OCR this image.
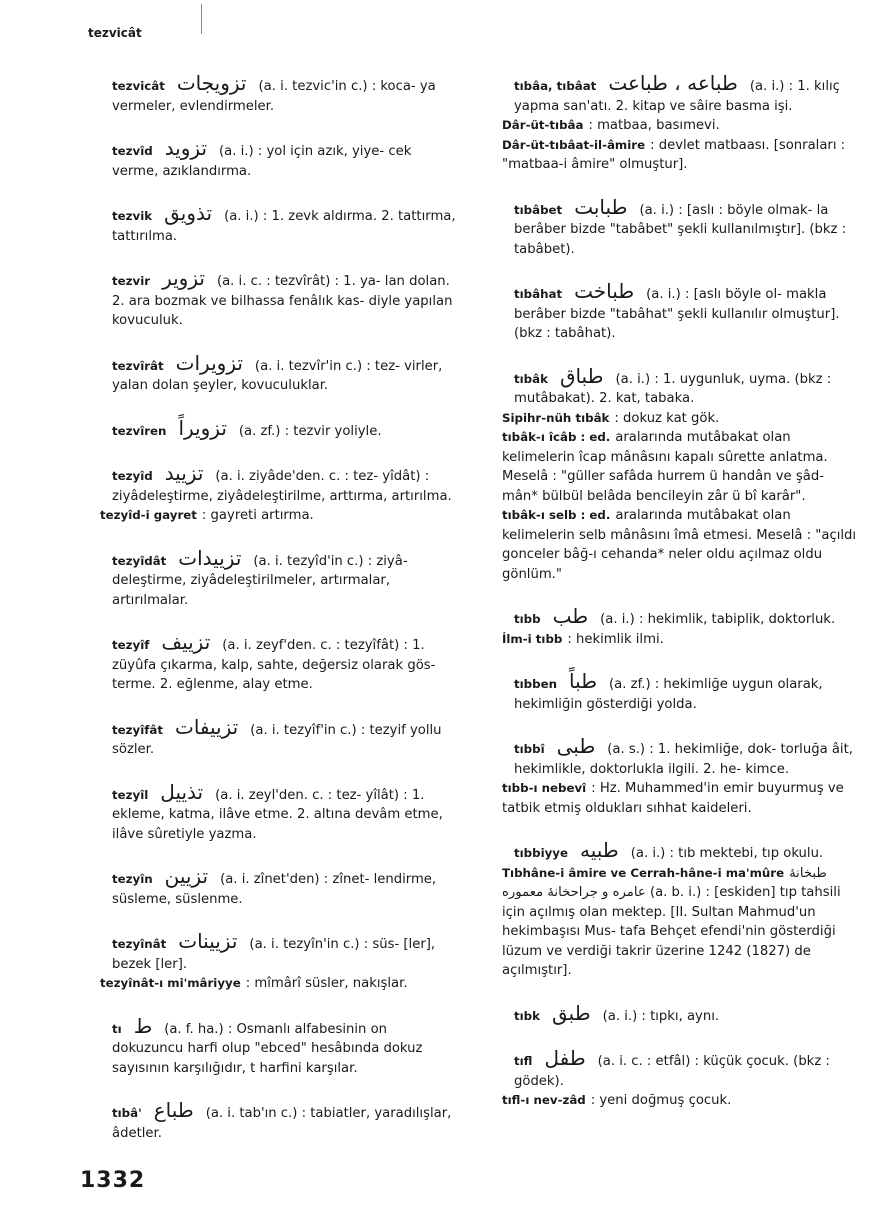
tezvicât
tezvicât تزويجات (a. i. tezvic'in c.) : koca- ya vermeler, evlendirmeler.
tezvîd تزويد (a. i.) : yol için azık, yiye- cek verme, azıklandırma.
tezvik تذويق (a. i.) : 1. zevk aldırma. 2. tattırma, tattırılma.
tezvir تزوير (a. i. c. : tezvîrât) : 1. ya- lan dolan. 2. ara bozmak ve bilhassa fenâlık kas- diyle yapılan kovuculuk.
tezvîrât تزويرات (a. i. tezvîr'in c.) : tez- virler, yalan dolan şeyler, kovuculuklar.
tezvîren تزويراً (a. zf.) : tezvir yoliyle.
tezyîd تزييد (a. i. ziyâde'den. c. : tez- yîdât) : ziyâdeleştirme, ziyâdeleştirilme, arttırma, artırılma.
tezyîd-i gayret : gayreti artırma.
tezyîdât تزييدات (a. i. tezyîd'in c.) : ziyâ- deleştirme, ziyâdeleştirilmeler, artırmalar, artırılmalar.
tezyîf تزييف (a. i. zeyf'den. c. : tezyîfât) : 1. züyûfa çıkarma, kalp, sahte, değersiz olarak gös- terme. 2. eğlenme, alay etme.
tezyîfât تزييفات (a. i. tezyîf'in c.) : tezyif yollu sözler.
tezyîl تذييل (a. i. zeyl'den. c. : tez- yîlât) : 1. ekleme, katma, ilâve etme. 2. altına devâm etme, ilâve sûretiyle yazma.
tezyîn تزيين (a. i. zînet'den) : zînet- lendirme, süsleme, süslenme.
tezyînât تزيينات (a. i. tezyîn'in c.) : süs- [ler], bezek [ler].
tezyînât-ı mi'mâriyye : mîmârî süsler, nakışlar.
tı ط (a. f. ha.) : Osmanlı alfabesinin on dokuzuncu harfi olup "ebced" hesâbında dokuz sayısının karşılığıdır, t harfini karşılar.
tıbâ' طباع (a. i. tab'ın c.) : tabiatler, yaradılışlar, âdetler.
tıbâa, tıbâat طباعه ، طباعت (a. i.) : 1. kılıç yapma san'atı. 2. kitap ve sâire basma işi.
Dâr-üt-tıbâa : matbaa, basımevi.
Dâr-üt-tıbâat-il-âmire : devlet matbaası. [sonraları : "matbaa-i âmire" olmuştur].
tıbâbet طبابت (a. i.) : [aslı : böyle olmak- la berâber bizde "tabâbet" şekli kullanılmıştır]. (bkz : tabâbet).
tıbâhat طباخت (a. i.) : [aslı böyle ol- makla berâber bizde "tabâhat" şekli kullanılır olmuştur]. (bkz : tabâhat).
tıbâk طباق (a. i.) : 1. uygunluk, uyma. (bkz : mutâbakat). 2. kat, tabaka.
Sipihr-nüh tıbâk : dokuz kat gök.
tıbâk-ı îcâb : ed. aralarında mutâbakat olan kelimelerin îcap mânâsını kapalı sûrette anlatma. Meselâ : "güller safâda hurrem ü handân ve şâd- mân* bülbül belâda bencileyin zâr ü bî karâr".
tıbâk-ı selb : ed. aralarında mutâbakat olan kelimelerin selb mânâsını îmâ etmesi. Meselâ : "açıldı gonceler bâğ-ı cehanda* neler oldu açılmaz oldu gönlüm."
tıbb طب (a. i.) : hekimlik, tabiplik, doktorluk.
İlm-i tıbb : hekimlik ilmi.
tıbben طباً (a. zf.) : hekimliğe uygun olarak, hekimliğin gösterdiği yolda.
tıbbî طبى (a. s.) : 1. hekimliğe, dok- torluğa âit, hekimlikle, doktorlukla ilgili. 2. he- kimce.
tıbb-ı nebevî : Hz. Muhammed'in emir buyurmuş ve tatbik etmiş oldukları sıhhat kaideleri.
tıbbiyye طبيه (a. i.) : tıb mektebi, tıp okulu.
Tıbhâne-i âmire ve Cerrah-hâne-i ma'mûre طبخانهٔ عامره و جراحخانهٔ معموره (a. b. i.) : [eskiden] tıp tahsili için açılmış olan mektep. [II. Sultan Mahmud'un hekimbaşısı Mus- tafa Behçet efendi'nin gösterdiği lüzum ve verdiği takrir üzerine 1242 (1827) de açılmıştır].
tıbk طبق (a. i.) : tıpkı, aynı.
tıfl طفل (a. i. c. : etfâl) : küçük çocuk. (bkz : gödek).
tıfl-ı nev-zâd : yeni doğmuş çocuk.
1332
